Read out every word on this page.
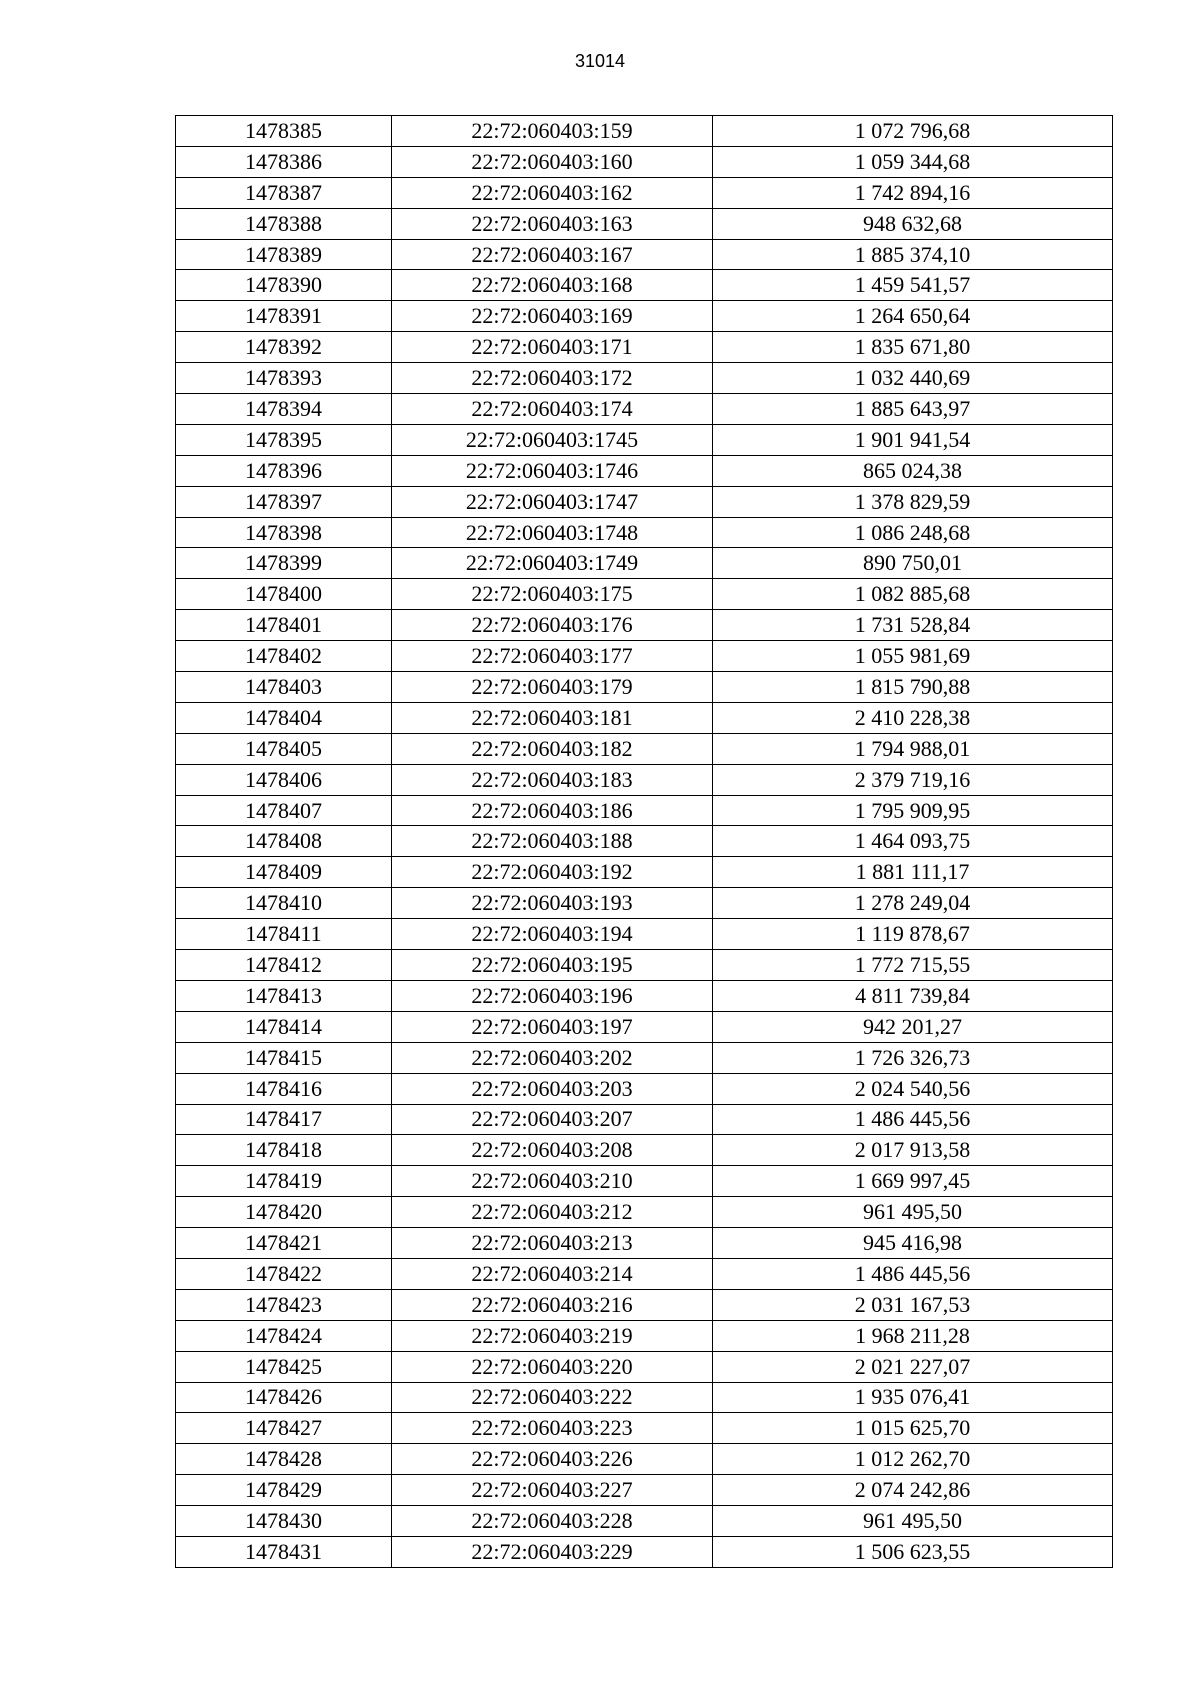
31014
1478385	22:72:060403:159	1 072 796,68
1478386	22:72:060403:160	1 059 344,68
1478387	22:72:060403:162	1 742 894,16
1478388	22:72:060403:163	948 632,68
1478389	22:72:060403:167	1 885 374,10
1478390	22:72:060403:168	1 459 541,57
1478391	22:72:060403:169	1 264 650,64
1478392	22:72:060403:171	1 835 671,80
1478393	22:72:060403:172	1 032 440,69
1478394	22:72:060403:174	1 885 643,97
1478395	22:72:060403:1745	1 901 941,54
1478396	22:72:060403:1746	865 024,38
1478397	22:72:060403:1747	1 378 829,59
1478398	22:72:060403:1748	1 086 248,68
1478399	22:72:060403:1749	890 750,01
1478400	22:72:060403:175	1 082 885,68
1478401	22:72:060403:176	1 731 528,84
1478402	22:72:060403:177	1 055 981,69
1478403	22:72:060403:179	1 815 790,88
1478404	22:72:060403:181	2 410 228,38
1478405	22:72:060403:182	1 794 988,01
1478406	22:72:060403:183	2 379 719,16
1478407	22:72:060403:186	1 795 909,95
1478408	22:72:060403:188	1 464 093,75
1478409	22:72:060403:192	1 881 111,17
1478410	22:72:060403:193	1 278 249,04
1478411	22:72:060403:194	1 119 878,67
1478412	22:72:060403:195	1 772 715,55
1478413	22:72:060403:196	4 811 739,84
1478414	22:72:060403:197	942 201,27
1478415	22:72:060403:202	1 726 326,73
1478416	22:72:060403:203	2 024 540,56
1478417	22:72:060403:207	1 486 445,56
1478418	22:72:060403:208	2 017 913,58
1478419	22:72:060403:210	1 669 997,45
1478420	22:72:060403:212	961 495,50
1478421	22:72:060403:213	945 416,98
1478422	22:72:060403:214	1 486 445,56
1478423	22:72:060403:216	2 031 167,53
1478424	22:72:060403:219	1 968 211,28
1478425	22:72:060403:220	2 021 227,07
1478426	22:72:060403:222	1 935 076,41
1478427	22:72:060403:223	1 015 625,70
1478428	22:72:060403:226	1 012 262,70
1478429	22:72:060403:227	2 074 242,86
1478430	22:72:060403:228	961 495,50
1478431	22:72:060403:229	1 506 623,55
